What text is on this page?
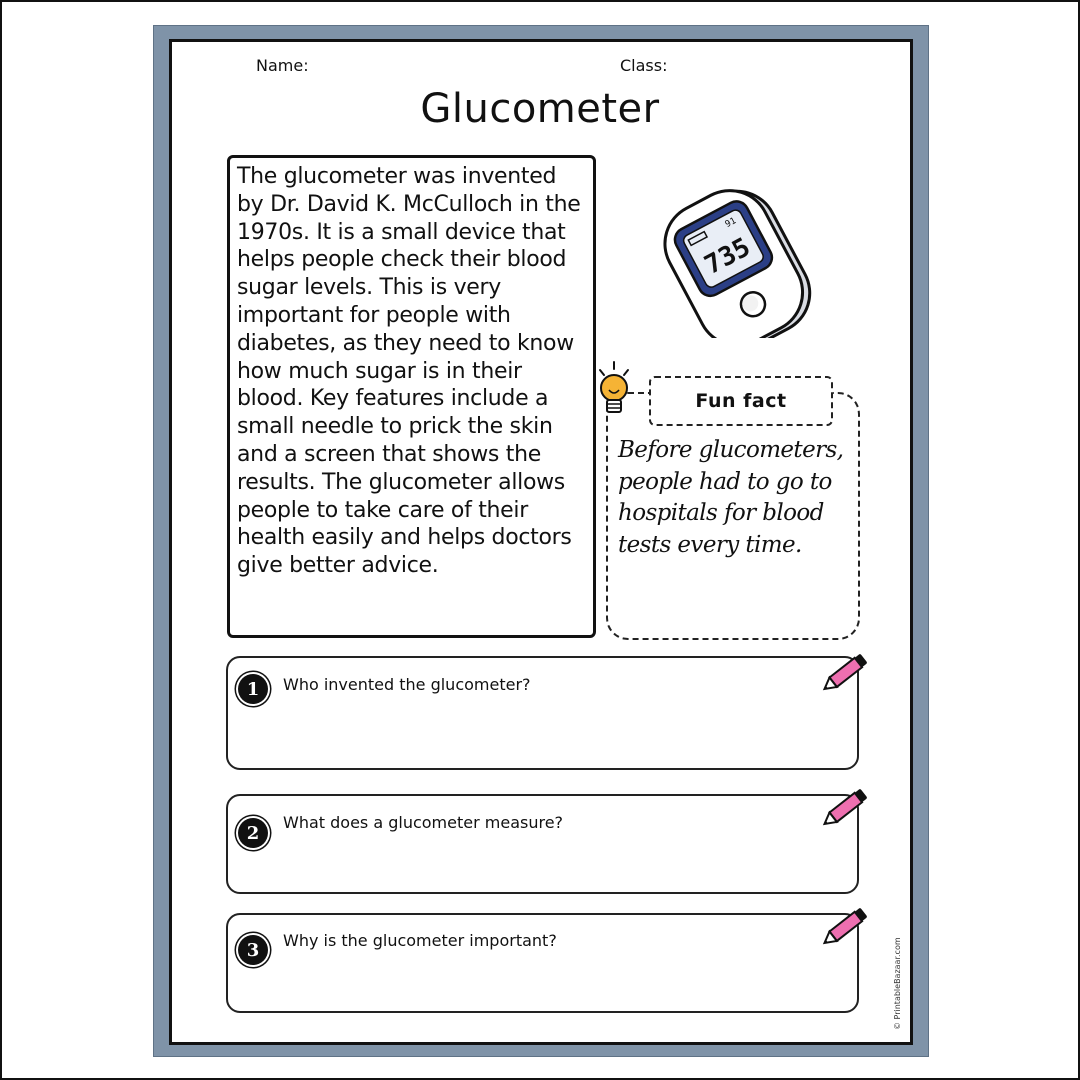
Name:	Class:
Glucometer
The glucometer was invented by Dr. David K. McCulloch in the 1970s. It is a small device that helps people check their blood sugar levels. This is very important for people with diabetes, as they need to know how much sugar is in their blood. Key features include a small needle to prick the skin and a screen that shows the results. The glucometer allows people to take care of their health easily and helps doctors give better advice.
91
735
Fun fact
Before glucometers, people had to go to hospitals for blood tests every time.
1	Who invented the glucometer?
2	What does a glucometer measure?
3	Why is the glucometer important?	© PrintableBazaar.com
